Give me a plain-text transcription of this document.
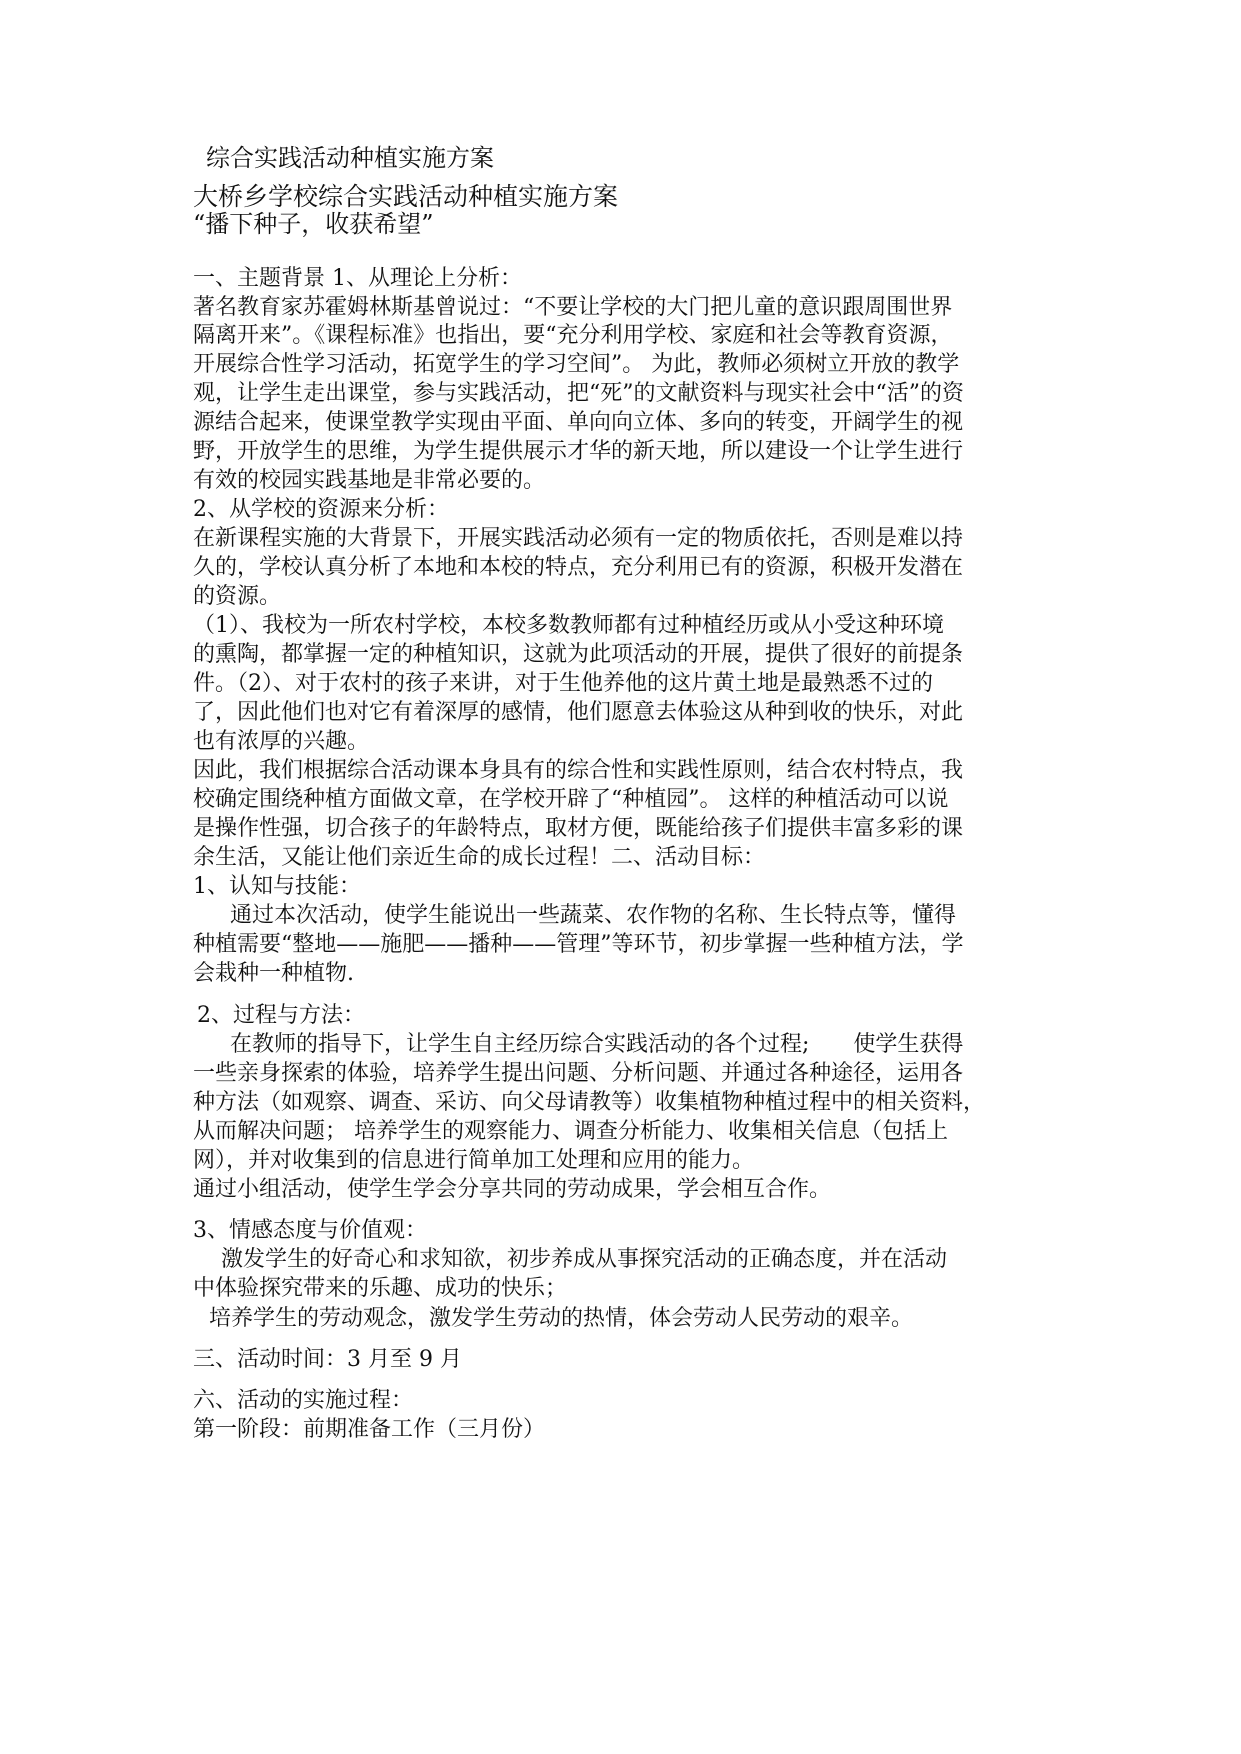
综合实践活动种植实施方案
大桥乡学校综合实践活动种植实施方案
“播下种子，收获希望”
一、主题背景 1、从理论上分析：
著名教育家苏霍姆林斯基曾说过：“不要让学校的大门把儿童的意识跟周围世界
隔离开来”。《课程标准》也指出，要“充分利用学校、家庭和社会等教育资源，
开展综合性学习活动，拓宽学生的学习空间”。 为此，教师必须树立开放的教学
观，让学生走出课堂，参与实践活动，把“死”的文献资料与现实社会中“活”的资
源结合起来，使课堂教学实现由平面、单向向立体、多向的转变，开阔学生的视
野，开放学生的思维，为学生提供展示才华的新天地，所以建设一个让学生进行
有效的校园实践基地是非常必要的。
2、从学校的资源来分析：
在新课程实施的大背景下，开展实践活动必须有一定的物质依托，否则是难以持
久的，学校认真分析了本地和本校的特点，充分利用已有的资源，积极开发潜在
的资源。
（1）、我校为一所农村学校，本校多数教师都有过种植经历或从小受这种环境
的熏陶，都掌握一定的种植知识，这就为此项活动的开展，提供了很好的前提条
件。（2）、对于农村的孩子来讲，对于生他养他的这片黄土地是最熟悉不过的
了，因此他们也对它有着深厚的感情，他们愿意去体验这从种到收的快乐，对此
也有浓厚的兴趣。
因此，我们根据综合活动课本身具有的综合性和实践性原则，结合农村特点，我
校确定围绕种植方面做文章，在学校开辟了“种植园”。 这样的种植活动可以说
是操作性强，切合孩子的年龄特点，取材方便，既能给孩子们提供丰富多彩的课
余生活，又能让他们亲近生命的成长过程！二、活动目标：
1、认知与技能：
通过本次活动，使学生能说出一些蔬菜、农作物的名称、生长特点等，懂得
种植需要“整地——施肥——播种——管理”等环节，初步掌握一些种植方法，学
会栽种一种植物.
2、过程与方法：
在教师的指导下，让学生自主经历综合实践活动的各个过程;　　使学生获得
一些亲身探索的体验，培养学生提出问题、分析问题、并通过各种途径，运用各
种方法（如观察、调查、采访、向父母请教等）收集植物种植过程中的相关资料，
从而解决问题； 培养学生的观察能力、调查分析能力、收集相关信息（包括上
网），并对收集到的信息进行简单加工处理和应用的能力。
通过小组活动，使学生学会分享共同的劳动成果，学会相互合作。
3、情感态度与价值观：
激发学生的好奇心和求知欲，初步养成从事探究活动的正确态度，并在活动
中体验探究带来的乐趣、成功的快乐；
培养学生的劳动观念，激发学生劳动的热情，体会劳动人民劳动的艰辛。
三、活动时间：3 月至 9 月
六、活动的实施过程：
第一阶段：前期准备工作（三月份）
